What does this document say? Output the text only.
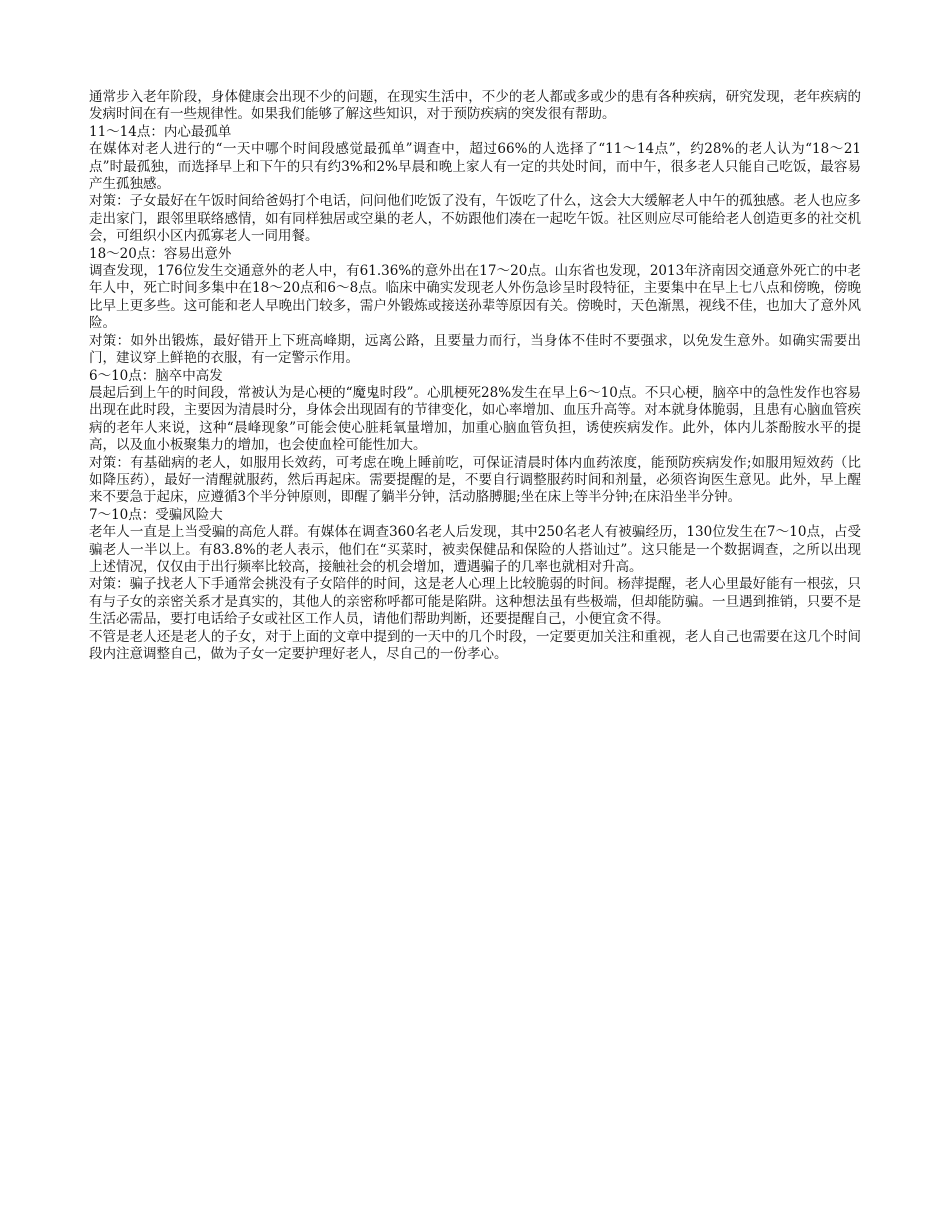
通常步入老年阶段，身体健康会出现不少的问题，在现实生活中，不少的老人都或多或少的患有各种疾病，研究发现，老年疾病的发病时间在有一些规律性。如果我们能够了解这些知识，对于预防疾病的突发很有帮助。

11～14点：内心最孤单

在媒体对老人进行的“一天中哪个时间段感觉最孤单”调查中，超过66%的人选择了“11～14点”，约28%的老人认为“18～21点”时最孤独，而选择早上和下午的只有约3%和2%早晨和晚上家人有一定的共处时间，而中午，很多老人只能自己吃饭，最容易产生孤独感。

对策：子女最好在午饭时间给爸妈打个电话，问问他们吃饭了没有，午饭吃了什么，这会大大缓解老人中午的孤独感。老人也应多走出家门，跟邻里联络感情，如有同样独居或空巢的老人，不妨跟他们凑在一起吃午饭。社区则应尽可能给老人创造更多的社交机会，可组织小区内孤寡老人一同用餐。

18～20点：容易出意外

调查发现，176位发生交通意外的老人中，有61.36%的意外出在17～20点。山东省也发现，2013年济南因交通意外死亡的中老年人中，死亡时间多集中在18～20点和6～8点。临床中确实发现老人外伤急诊呈时段特征，主要集中在早上七八点和傍晚，傍晚比早上更多些。这可能和老人早晚出门较多，需户外锻炼或接送孙辈等原因有关。傍晚时，天色渐黑，视线不佳，也加大了意外风险。

对策：如外出锻炼，最好错开上下班高峰期，远离公路，且要量力而行，当身体不佳时不要强求，以免发生意外。如确实需要出门，建议穿上鲜艳的衣服，有一定警示作用。

6～10点：脑卒中高发

晨起后到上午的时间段，常被认为是心梗的“魔鬼时段”。心肌梗死28%发生在早上6～10点。不只心梗，脑卒中的急性发作也容易出现在此时段，主要因为清晨时分，身体会出现固有的节律变化，如心率增加、血压升高等。对本就身体脆弱，且患有心脑血管疾病的老年人来说，这种“晨峰现象”可能会使心脏耗氧量增加，加重心脑血管负担，诱使疾病发作。此外，体内儿茶酚胺水平的提高，以及血小板聚集力的增加，也会使血栓可能性加大。

对策：有基础病的老人，如服用长效药，可考虑在晚上睡前吃，可保证清晨时体内血药浓度，能预防疾病发作;如服用短效药（比如降压药），最好一清醒就服药，然后再起床。需要提醒的是，不要自行调整服药时间和剂量，必须咨询医生意见。此外，早上醒来不要急于起床，应遵循3个半分钟原则，即醒了躺半分钟，活动胳膊腿;坐在床上等半分钟;在床沿坐半分钟。

7～10点：受骗风险大

老年人一直是上当受骗的高危人群。有媒体在调查360名老人后发现，其中250名老人有被骗经历，130位发生在7～10点，占受骗老人一半以上。有83.8%的老人表示，他们在“买菜时，被卖保健品和保险的人搭讪过”。这只能是一个数据调查，之所以出现上述情况，仅仅由于出行频率比较高，接触社会的机会增加，遭遇骗子的几率也就相对升高。

对策：骗子找老人下手通常会挑没有子女陪伴的时间，这是老人心理上比较脆弱的时间。杨萍提醒，老人心里最好能有一根弦，只有与子女的亲密关系才是真实的，其他人的亲密称呼都可能是陷阱。这种想法虽有些极端，但却能防骗。一旦遇到推销，只要不是生活必需品，要打电话给子女或社区工作人员，请他们帮助判断，还要提醒自己，小便宜贪不得。

不管是老人还是老人的子女，对于上面的文章中提到的一天中的几个时段，一定要更加关注和重视，老人自己也需要在这几个时间段内注意调整自己，做为子女一定要护理好老人，尽自己的一份孝心。
